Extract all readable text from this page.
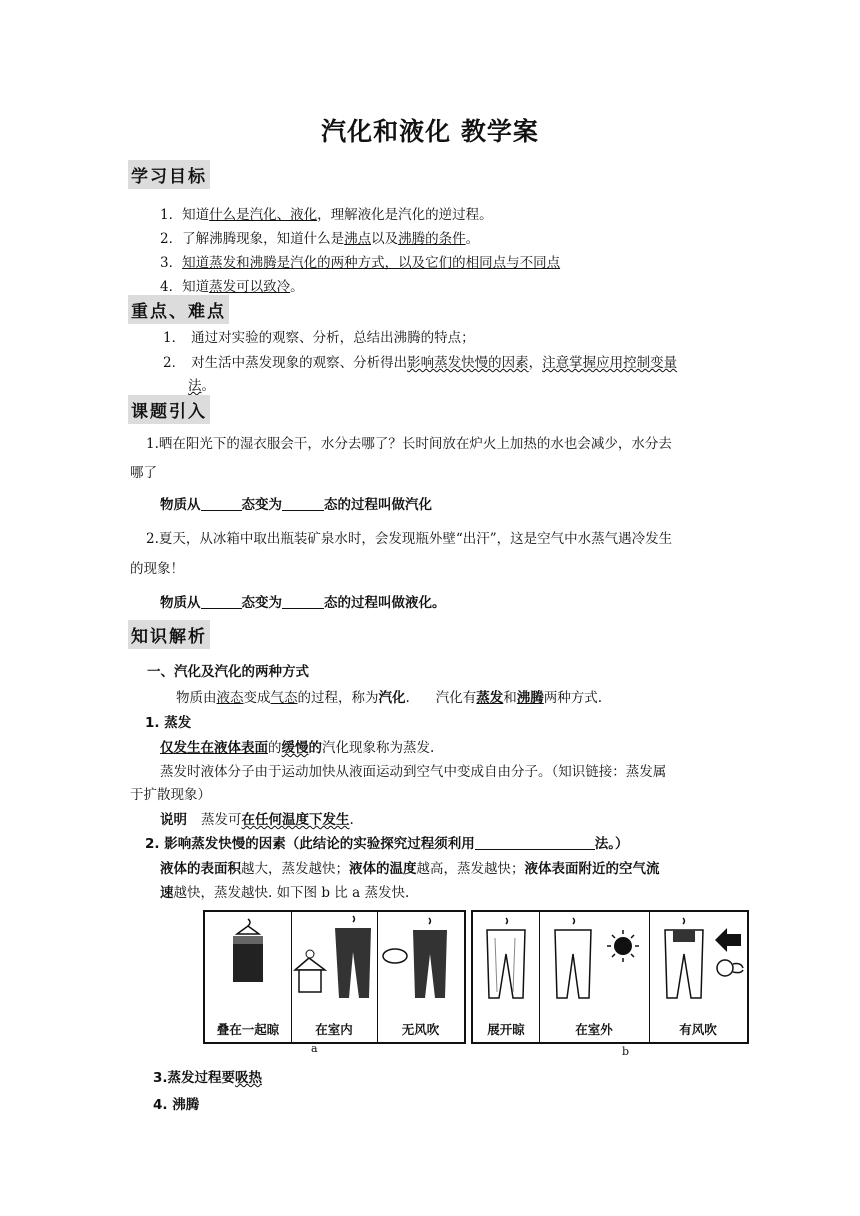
汽化和液化 教学案
学习目标
1．知道什么是汽化、液化，理解液化是汽化的逆过程。
2．了解沸腾现象，知道什么是沸点以及沸腾的条件。
3．知道蒸发和沸腾是汽化的两种方式，以及它们的相同点与不同点
4．知道蒸发可以致冷。
重点、难点
1． 通过对实验的观察、分析，总结出沸腾的特点；
2． 对生活中蒸发现象的观察、分析得出影响蒸发快慢的因素，注意掌握应用控制变量
法。
课题引入
1.晒在阳光下的湿衣服会干，水分去哪了？长时间放在炉火上加热的水也会减少，水分去
哪了
物质从	态变为	态的过程叫做汽化
2.夏天，从冰箱中取出瓶装矿泉水时，会发现瓶外壁“出汗”，这是空气中水蒸气遇冷发生
的现象！
物质从	态变为	态的过程叫做液化。
知识解析
一、汽化及汽化的两种方式
物质由液态变成气态的过程，称为汽化. 汽化有蒸发和沸腾两种方式.
1. 蒸发
仅发生在液体表面的缓慢的汽化现象称为蒸发.
蒸发时液体分子由于运动加快从液面运动到空气中变成自由分子。（知识链接：蒸发属
于扩散现象）
说明 蒸发可在任何温度下发生.
2. 影响蒸发快慢的因素（此结论的实验探究过程须利用	法。）
液体的表面积越大，蒸发越快；液体的温度越高，蒸发越快；液体表面附近的空气流
速越快，蒸发越快. 如下图 b 比 a 蒸发快.
叠在一起晾	在室内	无风吹
a
展开晾	在室外	有风吹
b
3.蒸发过程要吸热
4. 沸腾
